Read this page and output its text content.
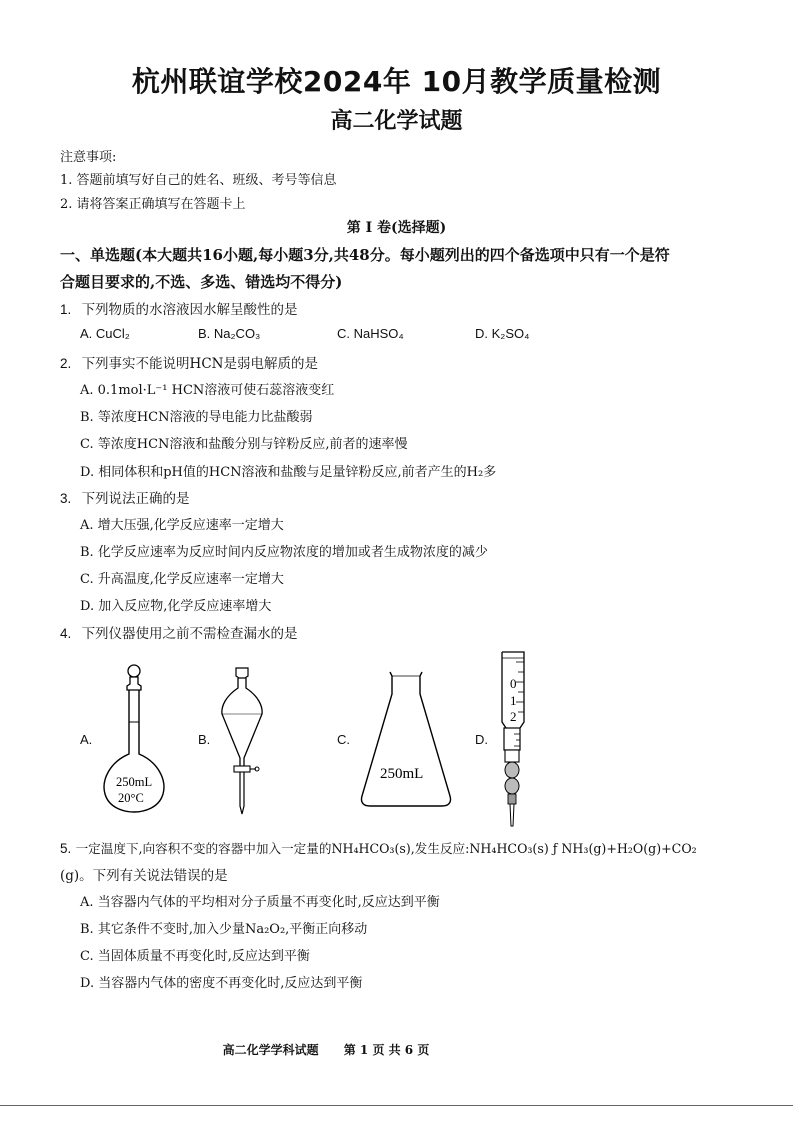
杭州联谊学校2024年 10月教学质量检测
高二化学试题
注意事项:
1. 答题前填写好自己的姓名、班级、考号等信息
2. 请将答案正确填写在答题卡上
第 I 卷(选择题)
一、单选题(本大题共16小题,每小题3分,共48分。每小题列出的四个备选项中只有一个是符
合题目要求的,不选、多选、错选均不得分)
1. 下列物质的水溶液因水解呈酸性的是
A. CuCl₂	B. Na₂CO₃	C. NaHSO₄	D. K₂SO₄
2. 下列事实不能说明HCN是弱电解质的是
A. 0.1mol·L⁻¹ HCN溶液可使石蕊溶液变红
B. 等浓度HCN溶液的导电能力比盐酸弱
C. 等浓度HCN溶液和盐酸分别与锌粉反应,前者的速率慢
D. 相同体积和pH值的HCN溶液和盐酸与足量锌粉反应,前者产生的H₂多
3. 下列说法正确的是
A. 增大压强,化学反应速率一定增大
B. 化学反应速率为反应时间内反应物浓度的增加或者生成物浓度的减少
C. 升高温度,化学反应速率一定增大
D. 加入反应物,化学反应速率增大
4. 下列仪器使用之前不需检查漏水的是
A.	B.	C.	D.
250mL
20°C
250mL
0
1
2
5. 一定温度下,向容积不变的容器中加入一定量的NH₄HCO₃(s),发生反应:NH₄HCO₃(s) ƒ NH₃(g)+H₂O(g)+CO₂
(g)。下列有关说法错误的是
A. 当容器内气体的平均相对分子质量不再变化时,反应达到平衡
B. 其它条件不变时,加入少量Na₂O₂,平衡正向移动
C. 当固体质量不再变化时,反应达到平衡
D. 当容器内气体的密度不再变化时,反应达到平衡
高二化学学科试题      第 1 页 共 6 页
